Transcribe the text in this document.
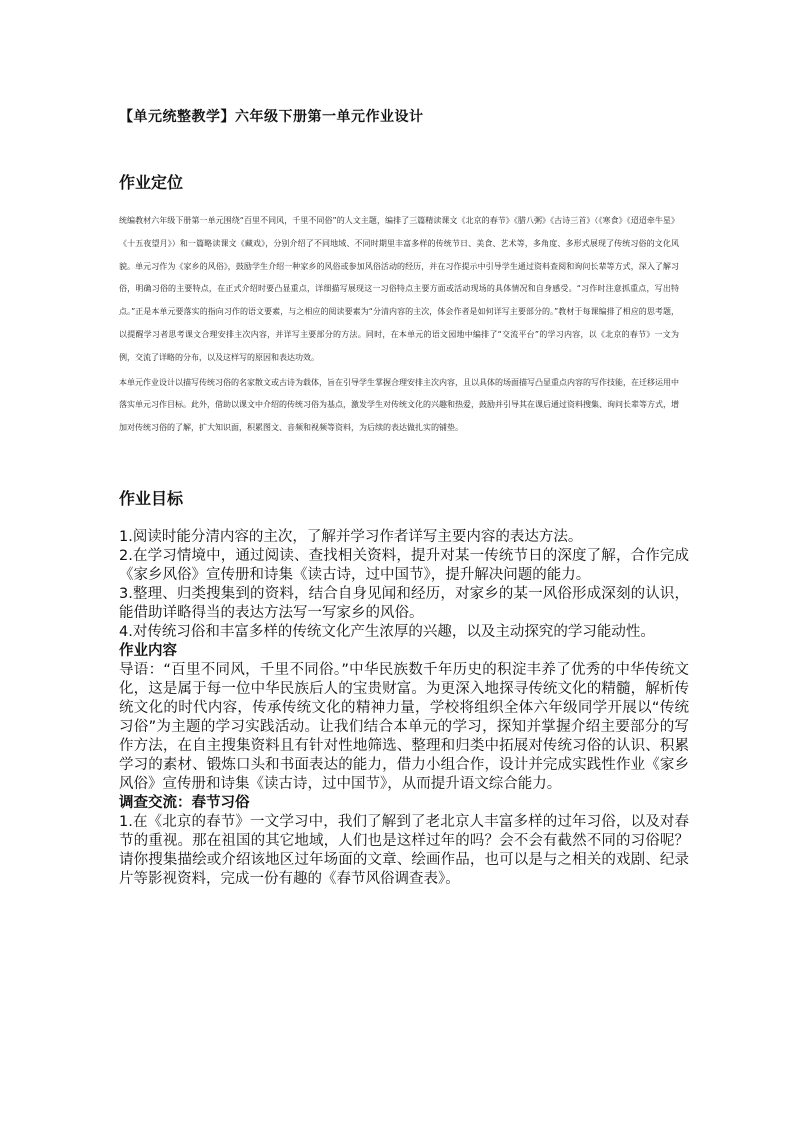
【单元统整教学】六年级下册第一单元作业设计
作业定位

统编教材六年级下册第一单元围绕“百里不同风，千里不同俗”的人文主题，编排了三篇精读课文《北京的春节》《腊八粥》《古诗三首》（《寒食》《迢迢牵牛星》《十五夜望月》）和一篇略读课文《藏戏》，分别介绍了不同地域、不同时期里丰富多样的传统节日、美食、艺术等，多角度、多形式展现了传统习俗的文化风貌。单元习作为《家乡的风俗》，鼓励学生介绍一种家乡的风俗或参加风俗活动的经历，并在习作提示中引导学生通过资料查阅和询问长辈等方式，深入了解习俗，明确习俗的主要特点，在正式介绍时要凸显重点，详细描写展现这一习俗特点主要方面或活动现场的具体情况和自身感受。“习作时注意抓重点，写出特点。”正是本单元要落实的指向习作的语文要素，与之相应的阅读要素为“分清内容的主次，体会作者是如何详写主要部分的。”教材于每课编排了相应的思考题，以提醒学习者思考课文合理安排主次内容，并详写主要部分的方法。同时，在本单元的语文园地中编排了“交流平台”的学习内容，以《北京的春节》一文为例，交流了详略的分布，以及这样写的原因和表达功效。

本单元作业设计以描写传统习俗的名家散文或古诗为载体，旨在引导学生掌握合理安排主次内容，且以具体的场面描写凸显重点内容的写作技能，在迁移运用中落实单元习作目标。此外，借助以课文中介绍的传统习俗为基点，激发学生对传统文化的兴趣和热爱，鼓励并引导其在课后通过资料搜集、询问长辈等方式，增加对传统习俗的了解，扩大知识面，积累图文、音频和视频等资料，为后续的表达做扎实的铺垫。

作业目标

1.阅读时能分清内容的主次，了解并学习作者详写主要内容的表达方法。

2.在学习情境中，通过阅读、查找相关资料，提升对某一传统节日的深度了解，合作完成《家乡风俗》宣传册和诗集《读古诗，过中国节》，提升解决问题的能力。

3.整理、归类搜集到的资料，结合自身见闻和经历，对家乡的某一风俗形成深刻的认识，能借助详略得当的表达方法写一写家乡的风俗。

4.对传统习俗和丰富多样的传统文化产生浓厚的兴趣，以及主动探究的学习能动性。

作业内容

导语：“百里不同风，千里不同俗。”中华民族数千年历史的积淀丰养了优秀的中华传统文化，这是属于每一位中华民族后人的宝贵财富。为更深入地探寻传统文化的精髓，解析传统文化的时代内容，传承传统文化的精神力量，学校将组织全体六年级同学开展以“传统习俗”为主题的学习实践活动。让我们结合本单元的学习，探知并掌握介绍主要部分的写作方法，在自主搜集资料且有针对性地筛选、整理和归类中拓展对传统习俗的认识、积累学习的素材、锻炼口头和书面表达的能力，借力小组合作，设计并完成实践性作业《家乡风俗》宣传册和诗集《读古诗，过中国节》，从而提升语文综合能力。

调查交流：春节习俗

1.在《北京的春节》一文学习中，我们了解到了老北京人丰富多样的过年习俗，以及对春节的重视。那在祖国的其它地域，人们也是这样过年的吗？会不会有截然不同的习俗呢？请你搜集描绘或介绍该地区过年场面的文章、绘画作品，也可以是与之相关的戏剧、纪录片等影视资料，完成一份有趣的《春节风俗调查表》。
